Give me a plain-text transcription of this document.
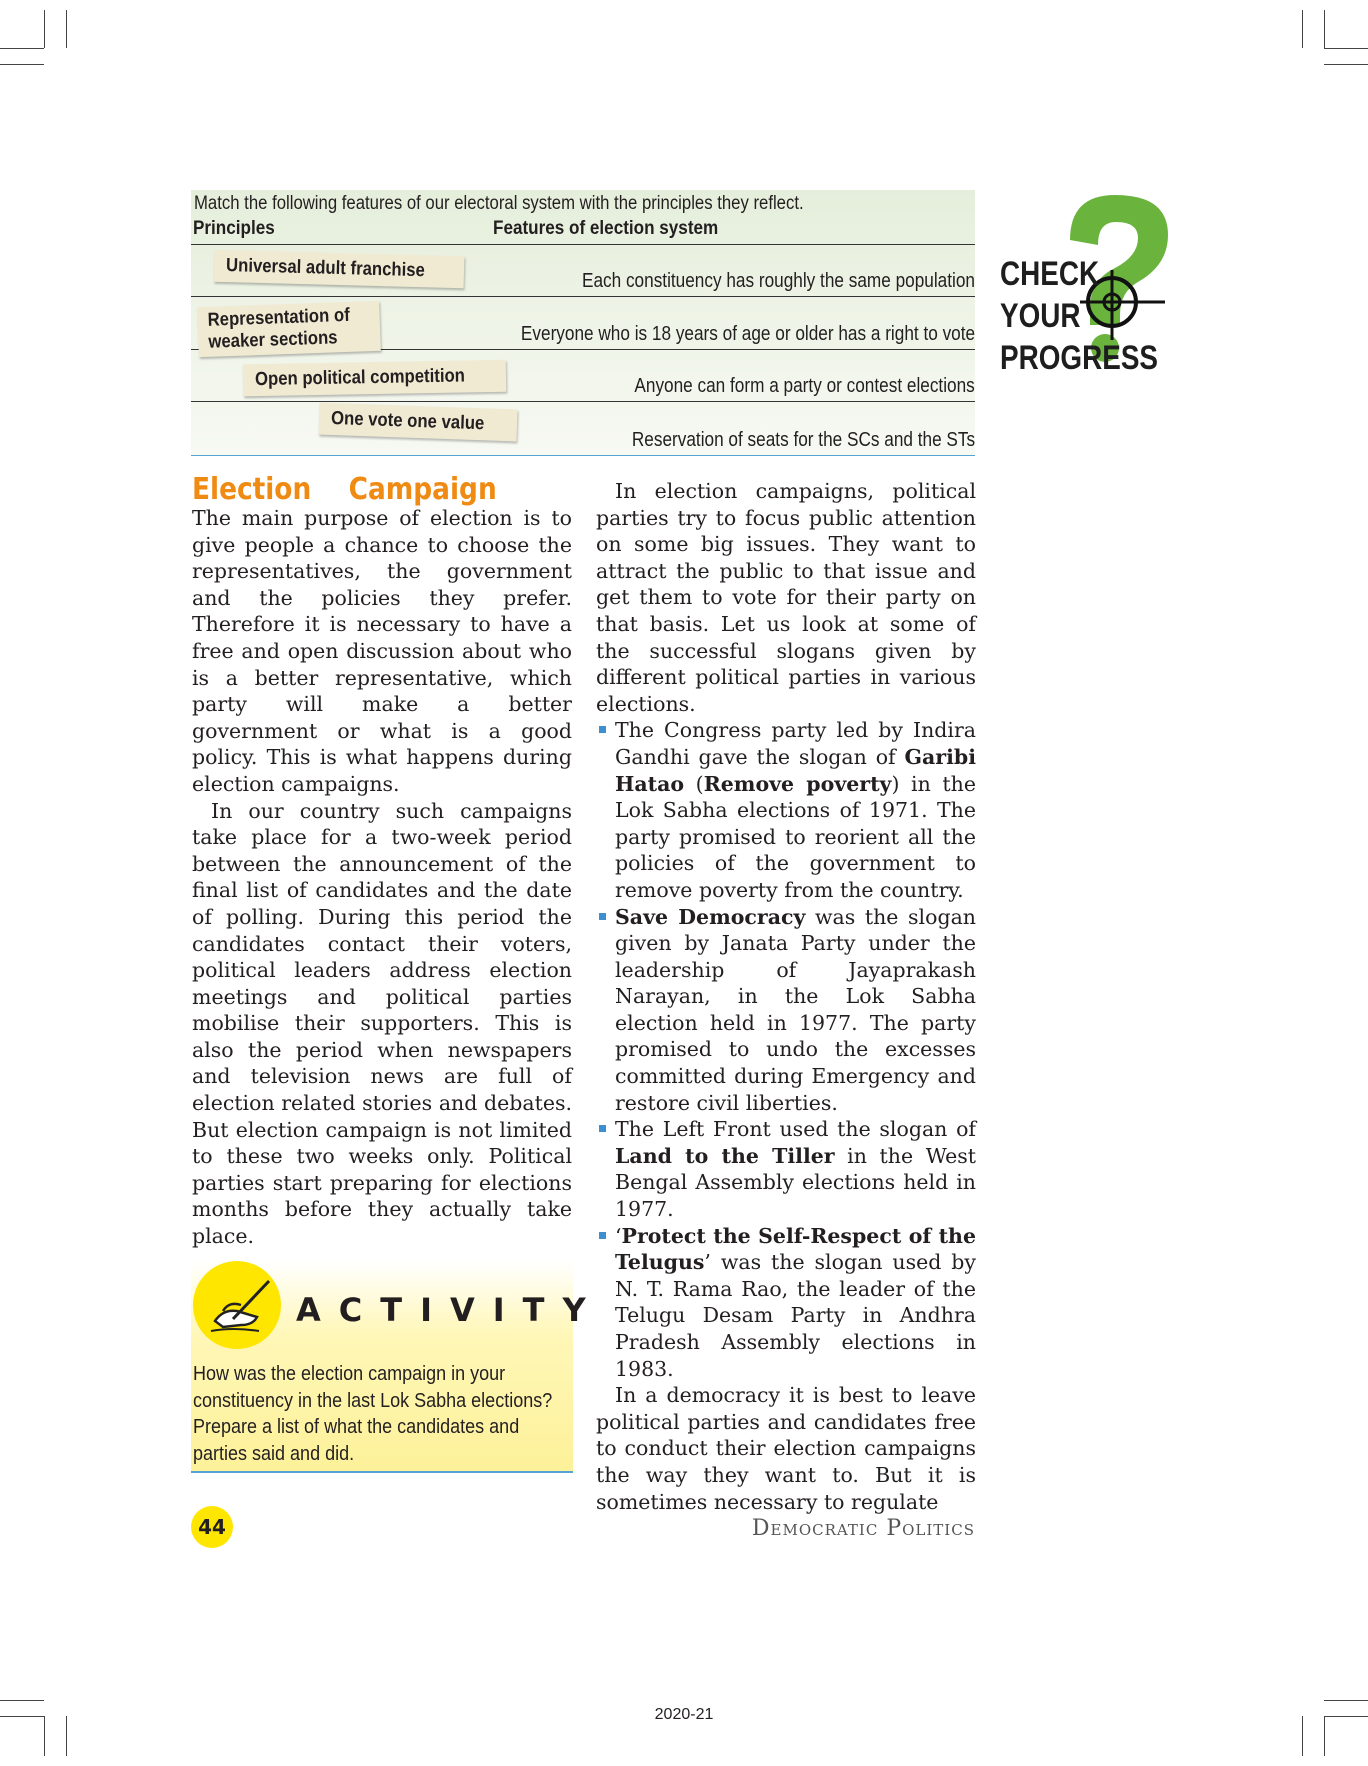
Match the following features of our electoral system with the principles they reflect.
Principles	Features of election system
Universal adult franchise
Representation of
weaker sections
Open political competition
One vote one value
Each constituency has roughly the same population
Everyone who is 18 years of age or older has a right to vote
Anyone can form a party or contest elections
Reservation of seats for the SCs and the STs
CHECK
YOUR
PROGRESS
Election Campaign

The main purpose of election is to give people a chance to choose the representatives, the government and the policies they prefer. Therefore it is necessary to have a free and open discussion about who is a better representative, which party will make a better government or what is a good policy. This is what happens during election campaigns.

In our country such campaigns take place for a two-week period between the announcement of the final list of candidates and the date of polling. During this period the candidates contact their voters, political leaders address election meetings and political parties mobilise their supporters. This is also the period when newspapers and television news are full of election related stories and debates. But election campaign is not limited to these two weeks only. Political parties start preparing for elections months before they actually take place.

ACTIVITY
How was the election campaign in your constituency in the last Lok Sabha elections? Prepare a list of what the candidates and parties said and did.

In election campaigns, political parties try to focus public attention on some big issues. They want to attract the public to that issue and get them to vote for their party on that basis. Let us look at some of the successful slogans given by different political parties in various elections.

The Congress party led by Indira Gandhi gave the slogan of Garibi Hatao (Remove poverty) in the Lok Sabha elections of 1971. The party promised to reorient all the policies of the government to remove poverty from the country.

Save Democracy was the slogan given by Janata Party under the leadership of Jayaprakash Narayan, in the Lok Sabha election held in 1977. The party promised to undo the excesses committed during Emergency and restore civil liberties.

The Left Front used the slogan of Land to the Tiller in the West Bengal Assembly elections held in 1977.

‘Protect the Self-Respect of the Telugus’ was the slogan used by N. T. Rama Rao, the leader of the Telugu Desam Party in Andhra Pradesh Assembly elections in 1983.

In a democracy it is best to leave political parties and candidates free to conduct their election campaigns the way they want to. But it is sometimes necessary to regulate

44	Democratic Politics
2020-21
